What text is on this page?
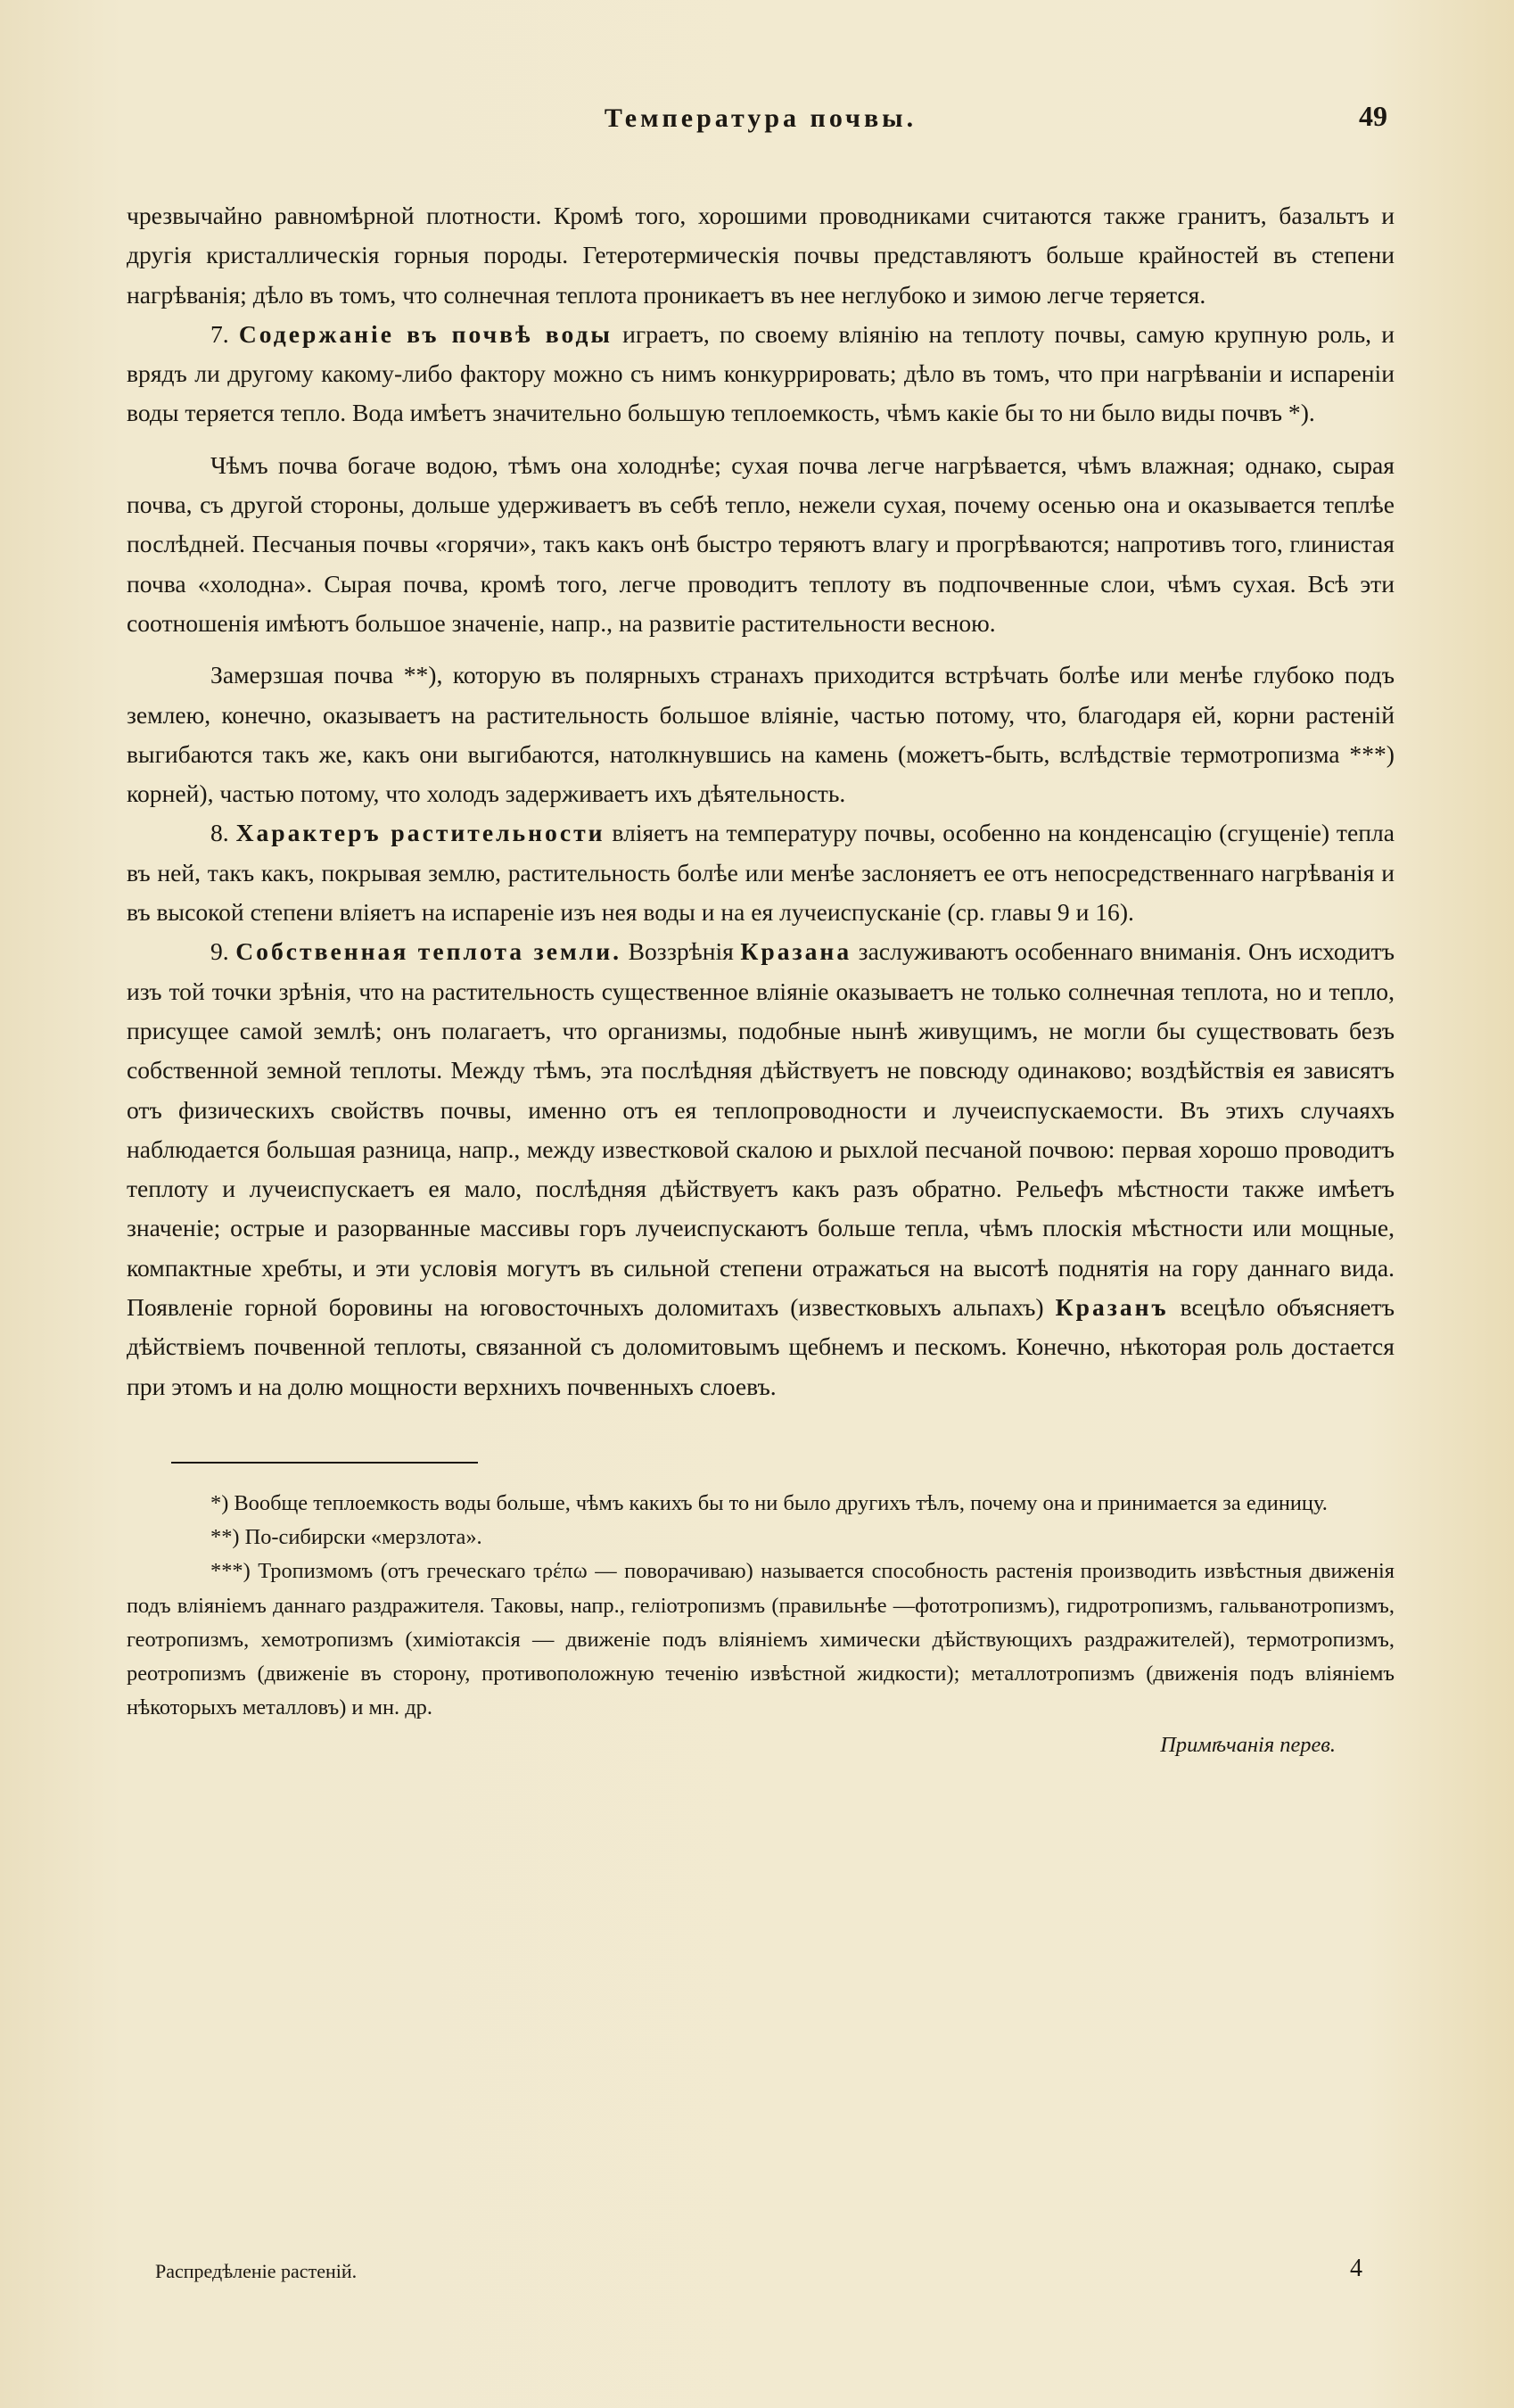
Температура почвы.	49

чрезвычайно равномѣрной плотности. Кромѣ того, хорошими проводниками считаются также гранитъ, базальтъ и другія кристаллическія горныя породы. Гетеротермическія почвы представляютъ больше крайностей въ степени нагрѣванія; дѣло въ томъ, что солнечная теплота проникаетъ въ нее неглубоко и зимою легче теряется.

7. Содержаніе въ почвѣ воды играетъ, по своему вліянію на теплоту почвы, самую крупную роль, и врядъ ли другому какому-либо фактору можно съ нимъ конкуррировать; дѣло въ томъ, что при нагрѣваніи и испареніи воды теряется тепло. Вода имѣетъ значительно большую теплоемкость, чѣмъ какіе бы то ни было виды почвъ *).

Чѣмъ почва богаче водою, тѣмъ она холоднѣе; сухая почва легче нагрѣвается, чѣмъ влажная; однако, сырая почва, съ другой стороны, дольше удерживаетъ въ себѣ тепло, нежели сухая, почему осенью она и оказывается теплѣе послѣдней. Песчаныя почвы «горячи», такъ какъ онѣ быстро теряютъ влагу и прогрѣваются; напротивъ того, глинистая почва «холодна». Сырая почва, кромѣ того, легче проводитъ теплоту въ подпочвенные слои, чѣмъ сухая. Всѣ эти соотношенія имѣютъ большое значеніе, напр., на развитіе растительности весною.

Замерзшая почва **), которую въ полярныхъ странахъ приходится встрѣчать болѣе или менѣе глубоко подъ землею, конечно, оказываетъ на растительность большое вліяніе, частью потому, что, благодаря ей, корни растеній выгибаются такъ же, какъ они выгибаются, натолкнувшись на камень (можетъ-быть, вслѣдствіе термотропизма ***) корней), частью потому, что холодъ задерживаетъ ихъ дѣятельность.

8. Характеръ растительности вліяетъ на температуру почвы, особенно на конденсацію (сгущеніе) тепла въ ней, такъ какъ, покрывая землю, растительность болѣе или менѣе заслоняетъ ее отъ непосредственнаго нагрѣванія и въ высокой степени вліяетъ на испареніе изъ нея воды и на ея лучеиспусканіе (ср. главы 9 и 16).

9. Собственная теплота земли. Воззрѣнія Кразана заслуживаютъ особеннаго вниманія. Онъ исходитъ изъ той точки зрѣнія, что на растительность существенное вліяніе оказываетъ не только солнечная теплота, но и тепло, присущее самой землѣ; онъ полагаетъ, что организмы, подобные нынѣ живущимъ, не могли бы существовать безъ собственной земной теплоты. Между тѣмъ, эта послѣдняя дѣйствуетъ не повсюду одинаково; воздѣйствія ея зависятъ отъ физическихъ свойствъ почвы, именно отъ ея теплопроводности и лучеиспускаемости. Въ этихъ случаяхъ наблюдается большая разница, напр., между известковой скалою и рыхлой песчаной почвою: первая хорошо проводитъ теплоту и лучеиспускаетъ ея мало, послѣдняя дѣйствуетъ какъ разъ обратно. Рельефъ мѣстности также имѣетъ значеніе; острые и разорванные массивы горъ лучеиспускаютъ больше тепла, чѣмъ плоскія мѣстности или мощные, компактные хребты, и эти условія могутъ въ сильной степени отражаться на высотѣ поднятія на гору даннаго вида. Появленіе горной боровины на юговосточныхъ доломитахъ (известковыхъ альпахъ) Кразанъ всецѣло объясняетъ дѣйствіемъ почвенной теплоты, связанной съ доломитовымъ щебнемъ и пескомъ. Конечно, нѣкоторая роль достается при этомъ и на долю мощности верхнихъ почвенныхъ слоевъ.

*) Вообще теплоемкость воды больше, чѣмъ какихъ бы то ни было другихъ тѣлъ, почему она и принимается за единицу.

**) По-сибирски «мерзлота».

***) Тропизмомъ (отъ греческаго τρέπω — поворачиваю) называется способность растенія производить извѣстныя движенія подъ вліяніемъ даннаго раздражителя. Таковы, напр., геліотропизмъ (правильнѣе —фототропизмъ), гидротропизмъ, гальванотропизмъ, геотропизмъ, хемотропизмъ (химіотаксія — движеніе подъ вліяніемъ химически дѣйствующихъ раздражителей), термотропизмъ, реотропизмъ (движеніе въ сторону, противоположную теченію извѣстной жидкости); металлотропизмъ (движенія подъ вліяніемъ нѣкоторыхъ металловъ) и мн. др.

Примѣчанія перев.

Распредѣленіе растеній.	4
